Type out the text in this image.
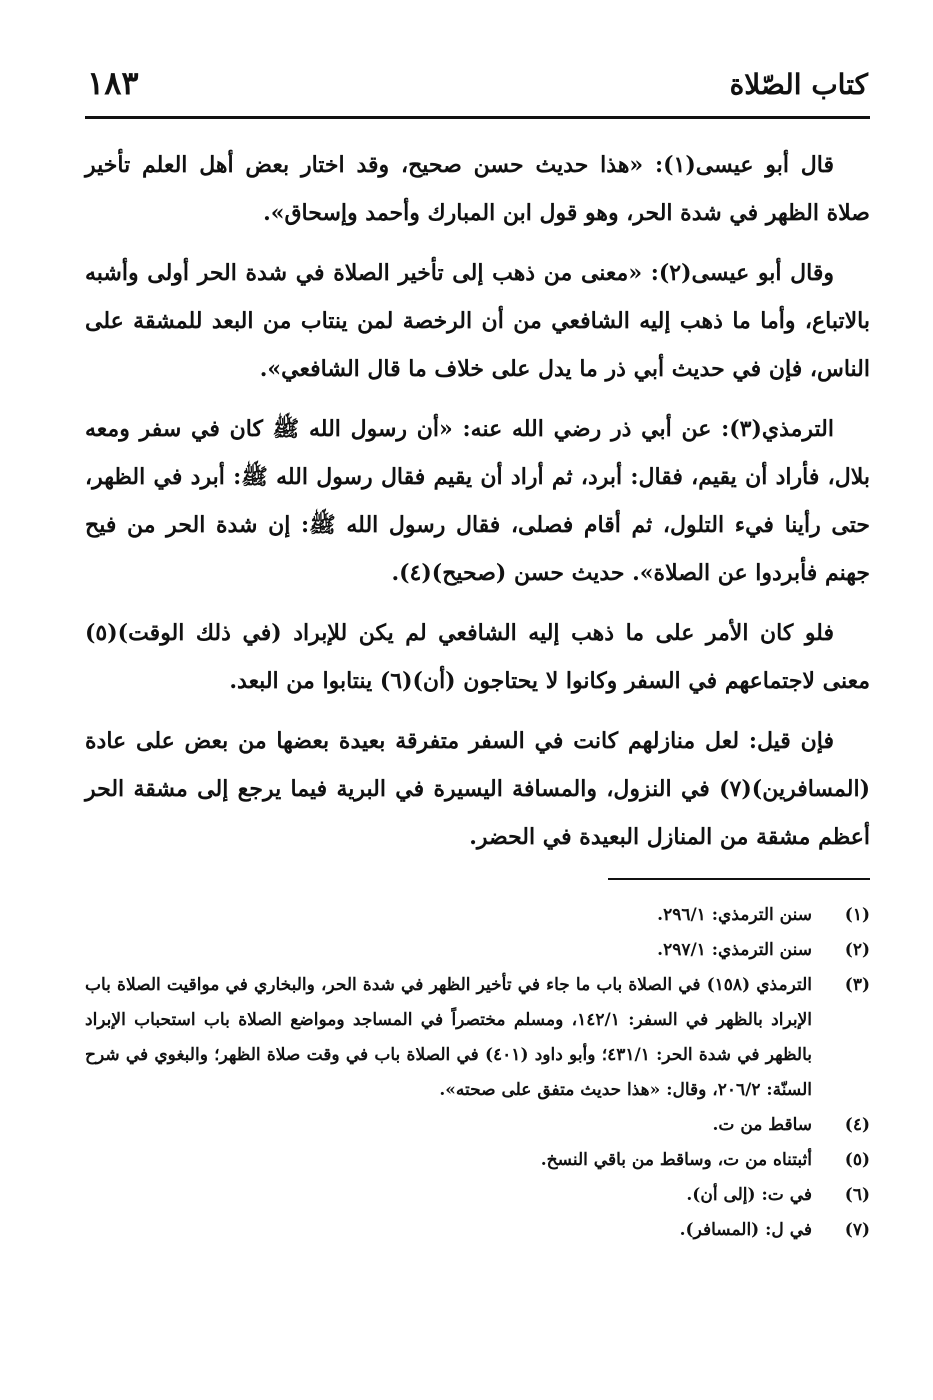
كتاب الصّلاة
١٨٣

قال أبو عيسى(١): «هذا حديث حسن صحيح، وقد اختار بعض أهل العلم تأخير صلاة الظهر في شدة الحر، وهو قول ابن المبارك وأحمد وإسحاق».

وقال أبو عيسى(٢): «معنى من ذهب إلى تأخير الصلاة في شدة الحر أولى وأشبه بالاتباع، وأما ما ذهب إليه الشافعي من أن الرخصة لمن ينتاب من البعد للمشقة على الناس، فإن في حديث أبي ذر ما يدل على خلاف ما قال الشافعي».

الترمذي(٣): عن أبي ذر رضي الله عنه: «أن رسول الله ﷺ كان في سفر ومعه بلال، فأراد أن يقيم، فقال: أبرد، ثم أراد أن يقيم فقال رسول الله ﷺ: أبرد في الظهر، حتى رأينا فيء التلول، ثم أقام فصلى، فقال رسول الله ﷺ: إن شدة الحر من فيح جهنم فأبردوا عن الصلاة». حديث حسن (صحيح)(٤).

فلو كان الأمر على ما ذهب إليه الشافعي لم يكن للإبراد (في ذلك الوقت)(٥) معنى لاجتماعهم في السفر وكانوا لا يحتاجون (أن)(٦) ينتابوا من البعد.

فإن قيل: لعل منازلهم كانت في السفر متفرقة بعيدة بعضها من بعض على عادة (المسافرين)(٧) في النزول، والمسافة اليسيرة في البرية فيما يرجع إلى مشقة الحر أعظم مشقة من المنازل البعيدة في الحضر.

(١)
سنن الترمذي: ٢٩٦/١.
(٢)
سنن الترمذي: ٢٩٧/١.
(٣)
الترمذي (١٥٨) في الصلاة باب ما جاء في تأخير الظهر في شدة الحر، والبخاري في مواقيت الصلاة باب الإبراد بالظهر في السفر: ١٤٢/١، ومسلم مختصراً في المساجد ومواضع الصلاة باب استحباب الإبراد بالظهر في شدة الحر: ٤٣١/١؛ وأبو داود (٤٠١) في الصلاة باب في وقت صلاة الظهر؛ والبغوي في شرح السنّة: ٢٠٦/٢، وقال: «هذا حديث متفق على صحته».
(٤)
ساقط من ت.
(٥)
أثبتناه من ت، وساقط من باقي النسخ.
(٦)
في ت: (إلى أن).
(٧)
في ل: (المسافر).
